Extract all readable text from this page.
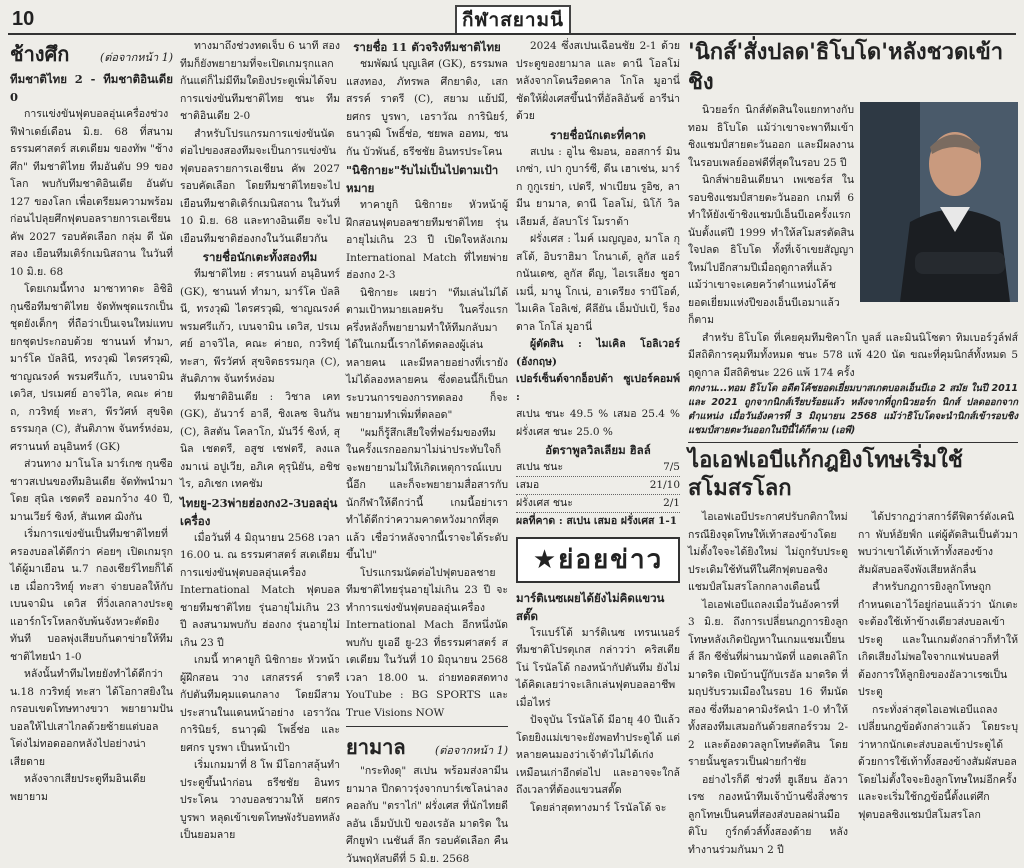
10	กีฬาสยามนี
ช้างศึก	(ต่อจากหน้า 1)

ทีมชาติไทย 2 - ทีมชาติอินเดีย 0

การแข่งขันฟุตบอลอุ่นเครื่องช่วงฟีฟ่าเดย์เดือน มิ.ย. 68 ที่สนามธรรมศาสตร์ สเตเดียม ของทัพ "ช้างศึก" ทีมชาติไทย ทีมอันดับ 99 ของโลก พบกับทีมชาติอินเดีย อันดับ 127 ของโลก เพื่อเตรียมความพร้อมก่อนไปลุยศึกฟุตบอลรายการเอเชียน คัพ 2027 รอบคัดเลือก กลุ่ม ดี นัดสอง เยือนทีมเติร์กเมนิสถาน ในวันที่ 10 มิ.ย. 68

โดยเกมนี้ทาง มาซาทาดะ อิชิอิ กุนซือทีมชาติไทย จัดทัพชุดแรกเป็นชุดยังเด็กๆ ที่ถือว่าเป็นเจนใหม่แทบยกชุดประกอบด้วย ชานนท์ ทำมา, มาร์โค บัลลินี, ทรงวุฒิ ไตรศรวุฒิ, ชาญณรงค์ พรมศรีแก้ว, เบนจามิน เดวิส, ปรเมศย์ อาจวิไล, คณะ ค่ายถ, กวริทยุ์ ทะสา, พีรวัศห์ สุขจิตธรรมกุล (C), สันติภาพ จันทร์หง่อม, ศรานนท์ อนุอินทร์ (GK)

ส่วนทาง มาโนโล มาร์เกซ กุนซือชาวสเปนของทีมอินเดีย จัดทัพนำมาโดย สุนิล เชตตรี ออมกว้าง 40 ปี, มานเวียร์ ซิงห์, สันเทศ ฌิงกัน

เริ่มการแข่งขันเป็นทีมชาติไทยที่ครองบอลได้ดีกว่า ค่อยๆ เปิดเกมรุกได้ผู้มาเยือน น.7 กองเชียร์ไทยก็ได้เฮ เมื่อกวริทยุ์ ทะสา จ่ายบอลให้กับ เบนจามิน เดวิส ที่วิ่งเลกลางประตูแอาร์กโรโหลกจับพ้นจังหวะตัดยิงทันที บอลพุ่งเสียบก้นตาข่ายให้ทีมชาติไทยนำ 1-0

หลังนั้นทำทีมไทยยังทำได้ดีกว่า น.18 กวริทยุ์ ทะสา ได้โอกาสยิงในกรอบเขตโทษทางขวา พยายามปันบอลให้ไปเสาไกลด้วยซ้ายแต่บอลโด่งไม่ทอดออกหลังไปอย่างน่าเสียดาย

หลังจากเสียประตูทีมอินเดียพยายาม

ทางมาถึงช่วงทดเจ็บ 6 นาที สองทีมก็ยังพยายามที่จะเปิดเกมรุกแลกกันแต่ก็ไม่มีทีมใดยิงประตูเพิ่มได้จบการแข่งขันทีมชาติไทย ชนะ ทีมชาติอินเดีย 2-0

สำหรับโปรแกรมการแข่งขันนัดต่อไปของสองทีมจะเป็นการแข่งขันฟุตบอลรายการเอเชียน คัพ 2027 รอบคัดเลือก โดยทีมชาติไทยจะไปเยือนทีมชาติเติร์กเมนิสถาน ในวันที่ 10 มิ.ย. 68 และทางอินเดีย จะไปเยือนทีมชาติฮ่องกงในวันเดียวกัน

รายชื่อนักเตะทั้งสองทีม

ทีมชาติไทย : ศรานนท์ อนุอินทร์ (GK), ชานนท์ ทำมา, มาร์โค บัลลินี, ทรงวุฒิ ไตรศรวุฒิ, ชาญณรงค์ พรมศรีแก้ว, เบนจามิน เดวิส, ปรเมศย์ อาจวิไล, คณะ ค่ายถ, กวริทยุ์ ทะสา, พีรวัศห์ สุขจิตธรรมกุล (C), สันติภาพ จันทร์หง่อม

ทีมชาติอินเดีย : วิชาล เคท (GK), อันวาร์ อาลี, ชิงเลซ จินกัน (C), ลิสตัน โคลาโก, มันวีร์ ซิงห์, สุนิล เชตตรี, อสูช เชฟตรี, ลงแลงมาเน่ อปูเวีย, อภิเค คุรุนิยัน, อชิช ไร, อภิเชก เทคชัม

ไทยยู-23พ่ายฮ่องกง2-3บอลอุ่นเครื่อง

เมื่อวันที่ 4 มิถุนายน 2568 เวลา 16.00 น. ณ ธรรมศาสตร์ สเตเดียม การแข่งขันฟุตบอลอุ่นเครื่อง International Match ฟุตบอลชายทีมชาติไทย รุ่นอายุไม่เกิน 23 ปี ลงสนามพบกับ ฮ่องกง รุ่นอายุไม่เกิน 23 ปี

เกมนี้ ทาคายูกิ นิชิกายะ หัวหน้าผู้ฝึกสอน วาง เสกสรรค์ ราตรี กัปตันทีมคุมแดนกลาง โดยมีสามประสานในแดนหน้าอย่าง เอราวัณ การินิยร์, ธนาวุฒิ โพธิ์ช่อ และ ยศกร บูรพา เป็นหน้าเป้า

เริ่มเกมมาที่ 8 โพ มีโอกาสลุ้นทำประตูขึ้นนำก่อน ธรีชชัย อินทรประโคน วางบอลชวามให้ ยศกร บูรพา หลุดเข้าเขตโทษพังรับอทหลังเป็นยอมลาย

รายชื่อ 11 ตัวจริงทีมชาติไทย

ชมพัฒน์ บุญเลิศ (GK), ธรรมพล แสงทอง, ภัทรพล ศึกยาดิง, เสกสรรค์ ราตรี (C), สยาม แย้ปมี, ยศกร บูรพา, เอราวัณ การินิยร์, ธนาวุฒิ โพธิ์ช่อ, ชยพล ออทม, ชนกัน บัวพันธ์, ธรีชชัย อินทรประโคน

"นิชิกายะ"รับไม่เป็นไปตามเป้าหมาย

ทาคายูกิ นิชิกายะ หัวหน้าผู้ฝึกสอนฟุตบอลชายทีมชาติไทย รุ่นอายุไม่เกิน 23 ปี เปิดใจหลังเกม International Match ที่ไทยพ่ายฮ่องกง 2-3

นิชิกายะ เผยว่า "ทีมเล่นไม่ได้ตามเป้าหมายเลยครับ ในครึ่งแรกครึ่งหลังก็พยายามทำให้ทีมกลับมาได้ในเกมนี้เรากได้ทดลองผู้เล่นหลายคน และมีหลายอย่างที่เรายังไม่ได้ลองหลายคน ซึ่งตอนนี้ก็เป็นกระบวนการของการทดลอง ก็จะพยายามทำเพิ่มที่ตลอด"

"ผมก็รู้สึกเสียใจที่ฟอร์มของทีมในครั้งแรกออกมาไม่น่าประทับใจก็จะพยายามไม่ให้เกิดเหตุการณ์แบบนี้อีก และก็จะพยายามสื่อสารกับนักกีฬาให้ดีกว่านี้ เกมนี้อย่าเราทำได้ดีกว่าความคาดหวังมากที่สุดแล้ว เชื่อว่าหลังจากนี้เราจะได้ระดับขึ้นไป"

โปรแกรมนัดต่อไปฟุตบอลชายทีมชาติไทยรุ่นอายุไม่เกิน 23 ปี จะทำการแข่งขันฟุตบอลอุ่นเครื่อง International Mach อีกหนึ่งนัด พบกับ ยูเออี ยู-23 ที่ธรรมศาสตร์ สเตเดียม ในวันที่ 10 มิถุนายน 2568 เวลา 18.00 น. ถ่ายทอดสดทาง YouTube : BG SPORTS และ True Visions NOW

ยามาล	(ต่อจากหน้า 1)

"กระทิงดุ" สเปน พร้อมส่งลามีน ยามาล ปีกดาวรุ่งจากบาร์เซโลน่าลงคอลกับ "ตราไก่" ฝรั่งเศส ที่นักไทยดีลอัน เอ็มบัปเป้ ของเรอัล มาดริด ในศึกยูฟ่า เนชันส์ ลีก รอบคัดเลือก คืนวันพฤหัสบดีที่ 5 มิ.ย. 2568

2024 ซึ่งสเปนเฉือนชัย 2-1 ด้วยประตูของยามาล และ ดานี โอลโม่ หลังจากโดนรือดคาล โกโล มูอานี่ ชัดให้ฝั่งเศสขึ้นนำที่อัลลิอันซ์ อารีน่า ด้วย

รายชื่อนักเตะที่คาด

สเปน : อูไน ซิมอน, ออสการ์ มินเกซ่า, เปา กูบาร์ซี, ดีน เฮาเซ่น, มาร์ก กูกูเรย่า, เปดรี, ฟาเบียน รูอิซ, ลามีน ยามาล, ดานี โอลโม่, นิโก้ วิลเลียมส์, อัลบาโร่ โมราต้า

ฝรั่งเศส : ไมค์ เมญญอง, มาโล กุสโต้, อิบราฮิมา โกนาเต้, ลูกัส แอร์กนันเดซ, ลูกัส ดีญ, ไอเรเลียง ชูอาเมนี่, มานู โกเน่, อาเดรียง ราบีโอต์, ไมเคิล โอลิเซ่, คีลียัน เอ็มบัปเป้, ร็องดาล โกโล่ มูอานี่

ผู้ตัดสิน : ไมเคิล โอลิเวอร์ (อังกฤษ)

เปอร์เซ็นต์จากอ็อปต้า ซูเปอร์คอมพ์ :

สเปน ชนะ 49.5 % เสมอ 25.4 % ฝรั่งเศส ชนะ 25.0 %

อัตราพูลวิลเลียม ฮิลล์

สเปน ชนะ	7/5
เสมอ	21/10
ฝรั่งเศส ชนะ	2/1

ผลที่คาด : สเปน เสมอ ฝรั่งเศส 1-1

★ ย่อยข่าว

มาร์ติเนซเผยได้ยังไม่คิดแขวนสตั๊ด

โรแบร์โต้ มาร์ติเนซ เทรนเนอร์ทีมชาติโปรตุเกส กล่าวว่า คริสเตียโน่ โรนัลโด้ กองหน้ากัปตันทีม ยังไม่ได้คิดเลยว่าจะเลิกเล่นฟุตบอลอาชีพเมื่อไหร่

ปัจจุบัน โรนัลโด้ มีอายุ 40 ปีแล้ว โดยยิงแม่เขาจะยังพอทำประตูได้ แต่หลายคนมองว่าเจ้าตัวไม่ได้เก่งเหมือนเก่าอีกต่อไป และอาจจะใกล้ถึงเวลาที่ต้องแขวนสตั๊ด

โดยล่าสุดทางมาร์ โรนัลโด้ จะ

'นิกส์'สั่งปลด'ธิโบโด'หลังชวดเข้าชิง

นิวยอร์ก นิกส์ตัดสินใจแยกทางกับ ทอม ธิโบโด แม้ว่าเขาจะพาทีมเข้าชิงแชมป์สายตะวันออก และมีผลงานในรอบเพลย์ออฟดีที่สุดในรอบ 25 ปี

นิกส์พ่ายอินเดียนา เพเซอร์ส ในรอบชิงแชมป์สายตะวันออก เกมที่ 6 ทำให้ยังเข้าชิงแชมป์เอ็นบีเอครั้งแรกนับตั้งแต่ปี 1999 ทำให้สโมสรตัดสินใจปลด ธิโบโด ทั้งที่เจ้าเขยสัญญาใหม่ไปอีกสามปีเมื่อฤดูกาลที่แล้ว แม้ว่าเขาจะเคยคว้าตำแหน่งโค้ชยอดเยี่ยมแห่งปีของเอ็นบีเอมาแล้วก็ตาม

สำหรับ ธิโบโด ที่เคยคุมทีมชิคาโก บูลส์ และมินนิโซตา ทิมเบอร์วูล์ฟส์ มีสถิติการคุมทีมทั้งหมด ชนะ 578 แพ้ 420 นัด ขณะที่คุมนิกส์ทั้งหมด 5 ฤดูกาล มีสถิติชนะ 226 แพ้ 174 ครั้ง

ตกงาน...ทอม ธิโบโด อดีตโค้ชยอดเยี่ยมบาสเกตบอลเอ็นบีเอ 2 สมัย ในปี 2011 และ 2021 ถูกจากนิกส์เรียบร้อยแล้ว หลังจากที่ถูกนิวยอร์ก นิกส์ ปลดออกจากตำแหน่ง เมื่อวันอังคารที่ 3 มิถุนายน 2568 แม้ว่าธิโบโดจะนำนิกส์เข้ารอบชิงแชมป์สายตะวันออกในปีนี้ได้ก็ตาม (เอพี)

ไอเอฟเอบีแก้กฎยิงโทษเริ่มใช้สโมสรโลก

ไอเอฟเอบีประกาศปรับกติกาใหม่กรณียิงจุดโทษให้เท้าสองข้างโดยไม่ตั้งใจจะได้ยิงใหม่ ไม่ถูกรับประตูประเดิมใช้ทันทีในศึกฟุตบอลชิงแชมป์สโมสรโลกกลางเดือนนี้

ไอเอฟเอบีแถลงเมื่อวันอังคารที่ 3 มิ.ย. ถึงการเปลี่ยนกฎการยิงลูกโทษหลังเกิดปัญหาในเกมแชมเปี้ยนส์ ลีก ซีซั่นที่ผ่านมานัดที่ แอตเลติโก มาดริด เปิดบ้านบู๊กับเรอัล มาดริด ที่มฤปรับรวมเมืองในรอบ 16 ทีมนัดสอง ซึ่งทีมอาคามิงรัคนำ 1-0 ทำให้ทั้งสองทีมเสมอกันด้วยสกอร์รวม 2-2 และต้องดวลลูกโทษตัดสิน โดยรายนั้นชูลรวเป็นฝ่ายกำชัย

อย่างไรก็ดี ช่วงที่ ฮูเลียน อัลวาเรซ กองหน้าทีมเจ้าบ้านซึ่งสิ่งซารลูกโทษเป็นคนที่สองส่งบอลผ่านมือ ติโบ กูร์กต์วส์ทั้งสองด้าย หลังทำงานร่วมกันมา 2 ปี

ได้ปรากฏว่าสการ์ดีฟิตาร์ดังเคนิกา พับห์อัยฟ์ก แต่ผู้ตัดสินเป็นตัวมาพบว่าเขาได้เท้าเท้าทั้งสองข้างสัมผัสบอลจึงพังเสียหลักลื่น

สำหรับกฎการยิงลูกโทษถูกกำหนดเอาไว้อยู่ก่อนแล้วว่า นักเตะจะต้องใช้เท้าข้างเดียวส่งบอลเข้าประตู และในเกมดังกล่าวก็ทำให้เกิดเสียงไม่พอใจจากแฟนบอลที่ต้องการให้ลูกยิงของอัลวาเรซเป็นประตู

กระทั่งล่าสุดไอเอฟเอบีแถลงเปลี่ยนกฎข้อดังกล่าวแล้ว โดยระบุว่าหากนักเตะส่งบอลเข้าประตูได้ด้วยการใช้เท้าทั้งสองข้างสัมผัสบอลโดยไม่ตั้งใจจะยิงลูกโทษใหม่อีกครั้ง และจะเริ่มใช้กฎข้อนี้ตั้งแต่ศึกฟุตบอลชิงแชมป์สโมสรโลก
